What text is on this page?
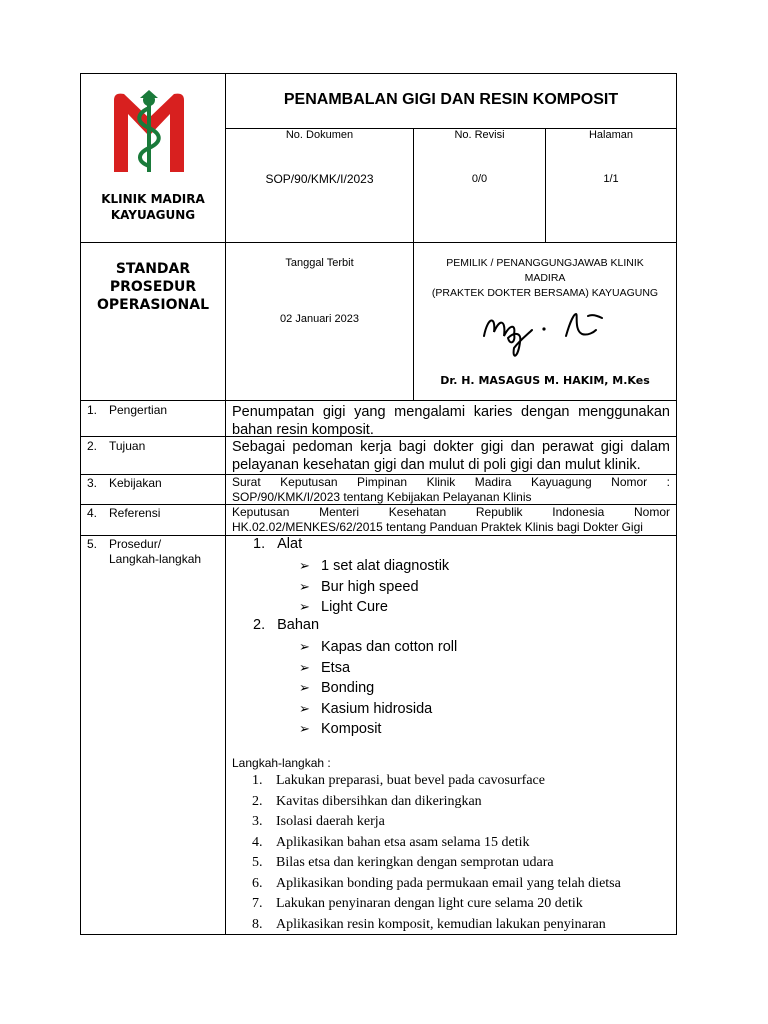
KLINIK MADIRA
KAYUAGUNG
PENAMBALAN GIGI DAN RESIN KOMPOSIT
No. Dokumen	No. Revisi	Halaman
SOP/90/KMK/I/2023	0/0	1/1
STANDAR
PROSEDUR
OPERASIONAL
Tanggal Terbit
02 Januari 2023
PEMILIK / PENANGGUNGJAWAB KLINIK
MADIRA
(PRAKTEK DOKTER BERSAMA) KAYUAGUNG
Dr. H. MASAGUS M. HAKIM, M.Kes
1. Pengertian	Penumpatan gigi yang mengalami karies dengan menggunakan
bahan resin komposit.
2. Tujuan	Sebagai pedoman kerja bagi dokter gigi dan perawat gigi dalam
pelayanan kesehatan gigi dan mulut di poli gigi dan mulut klinik.
3. Kebijakan	Surat Keputusan Pimpinan Klinik Madira Kayuagung Nomor :
SOP/90/KMK/I/2023 tentang Kebijakan Pelayanan Klinis
4. Referensi	Keputusan Menteri Kesehatan Republik Indonesia Nomor
HK.02.02/MENKES/62/2015 tentang Panduan Praktek Klinis bagi Dokter Gigi
5. Prosedur/
Langkah-langkah
1. Alat
➢ 1 set alat diagnostik
➢ Bur high speed
➢ Light Cure
2. Bahan
➢ Kapas dan cotton roll
➢ Etsa
➢ Bonding
➢ Kasium hidrosida
➢ Komposit
Langkah-langkah :
1. Lakukan preparasi, buat bevel pada cavosurface
2. Kavitas dibersihkan dan dikeringkan
3. Isolasi daerah kerja
4. Aplikasikan bahan etsa asam selama 15 detik
5. Bilas etsa dan keringkan dengan semprotan udara
6. Aplikasikan bonding pada permukaan email yang telah dietsa
7. Lakukan penyinaran dengan light cure selama 20 detik
8. Aplikasikan resin komposit, kemudian lakukan penyinaran
